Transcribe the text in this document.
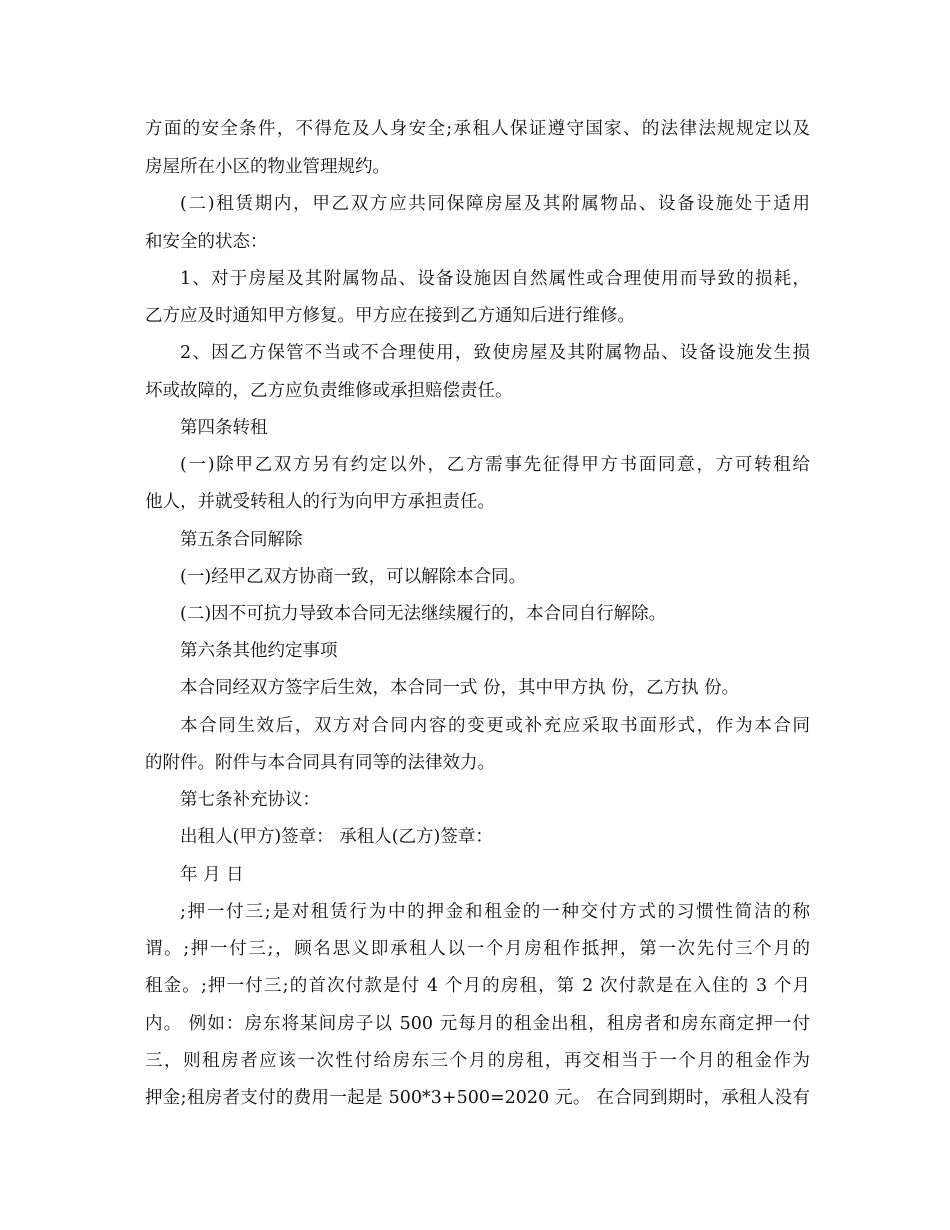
方面的安全条件，不得危及人身安全;承租人保证遵守国家、的法律法规规定以及
房屋所在小区的物业管理规约。
(二)租赁期内，甲乙双方应共同保障房屋及其附属物品、设备设施处于适用
和安全的状态：
1、对于房屋及其附属物品、设备设施因自然属性或合理使用而导致的损耗，
乙方应及时通知甲方修复。甲方应在接到乙方通知后进行维修。
2、因乙方保管不当或不合理使用，致使房屋及其附属物品、设备设施发生损
坏或故障的，乙方应负责维修或承担赔偿责任。
第四条转租
(一)除甲乙双方另有约定以外，乙方需事先征得甲方书面同意，方可转租给
他人，并就受转租人的行为向甲方承担责任。
第五条合同解除
(一)经甲乙双方协商一致，可以解除本合同。
(二)因不可抗力导致本合同无法继续履行的，本合同自行解除。
第六条其他约定事项
本合同经双方签字后生效，本合同一式 份，其中甲方执 份，乙方执 份。
本合同生效后，双方对合同内容的变更或补充应采取书面形式，作为本合同
的附件。附件与本合同具有同等的法律效力。
第七条补充协议：
出租人(甲方)签章： 承租人(乙方)签章：
年 月 日
;押一付三;是对租赁行为中的押金和租金的一种交付方式的习惯性简洁的称
谓。;押一付三;，顾名思义即承租人以一个月房租作抵押，第一次先付三个月的
租金。;押一付三;的首次付款是付 4 个月的房租，第 2 次付款是在入住的 3 个月
内。 例如：房东将某间房子以 500 元每月的租金出租，租房者和房东商定押一付
三，则租房者应该一次性付给房东三个月的房租，再交相当于一个月的租金作为
押金;租房者支付的费用一起是 500*3+500=2020 元。 在合同到期时，承租人没有
